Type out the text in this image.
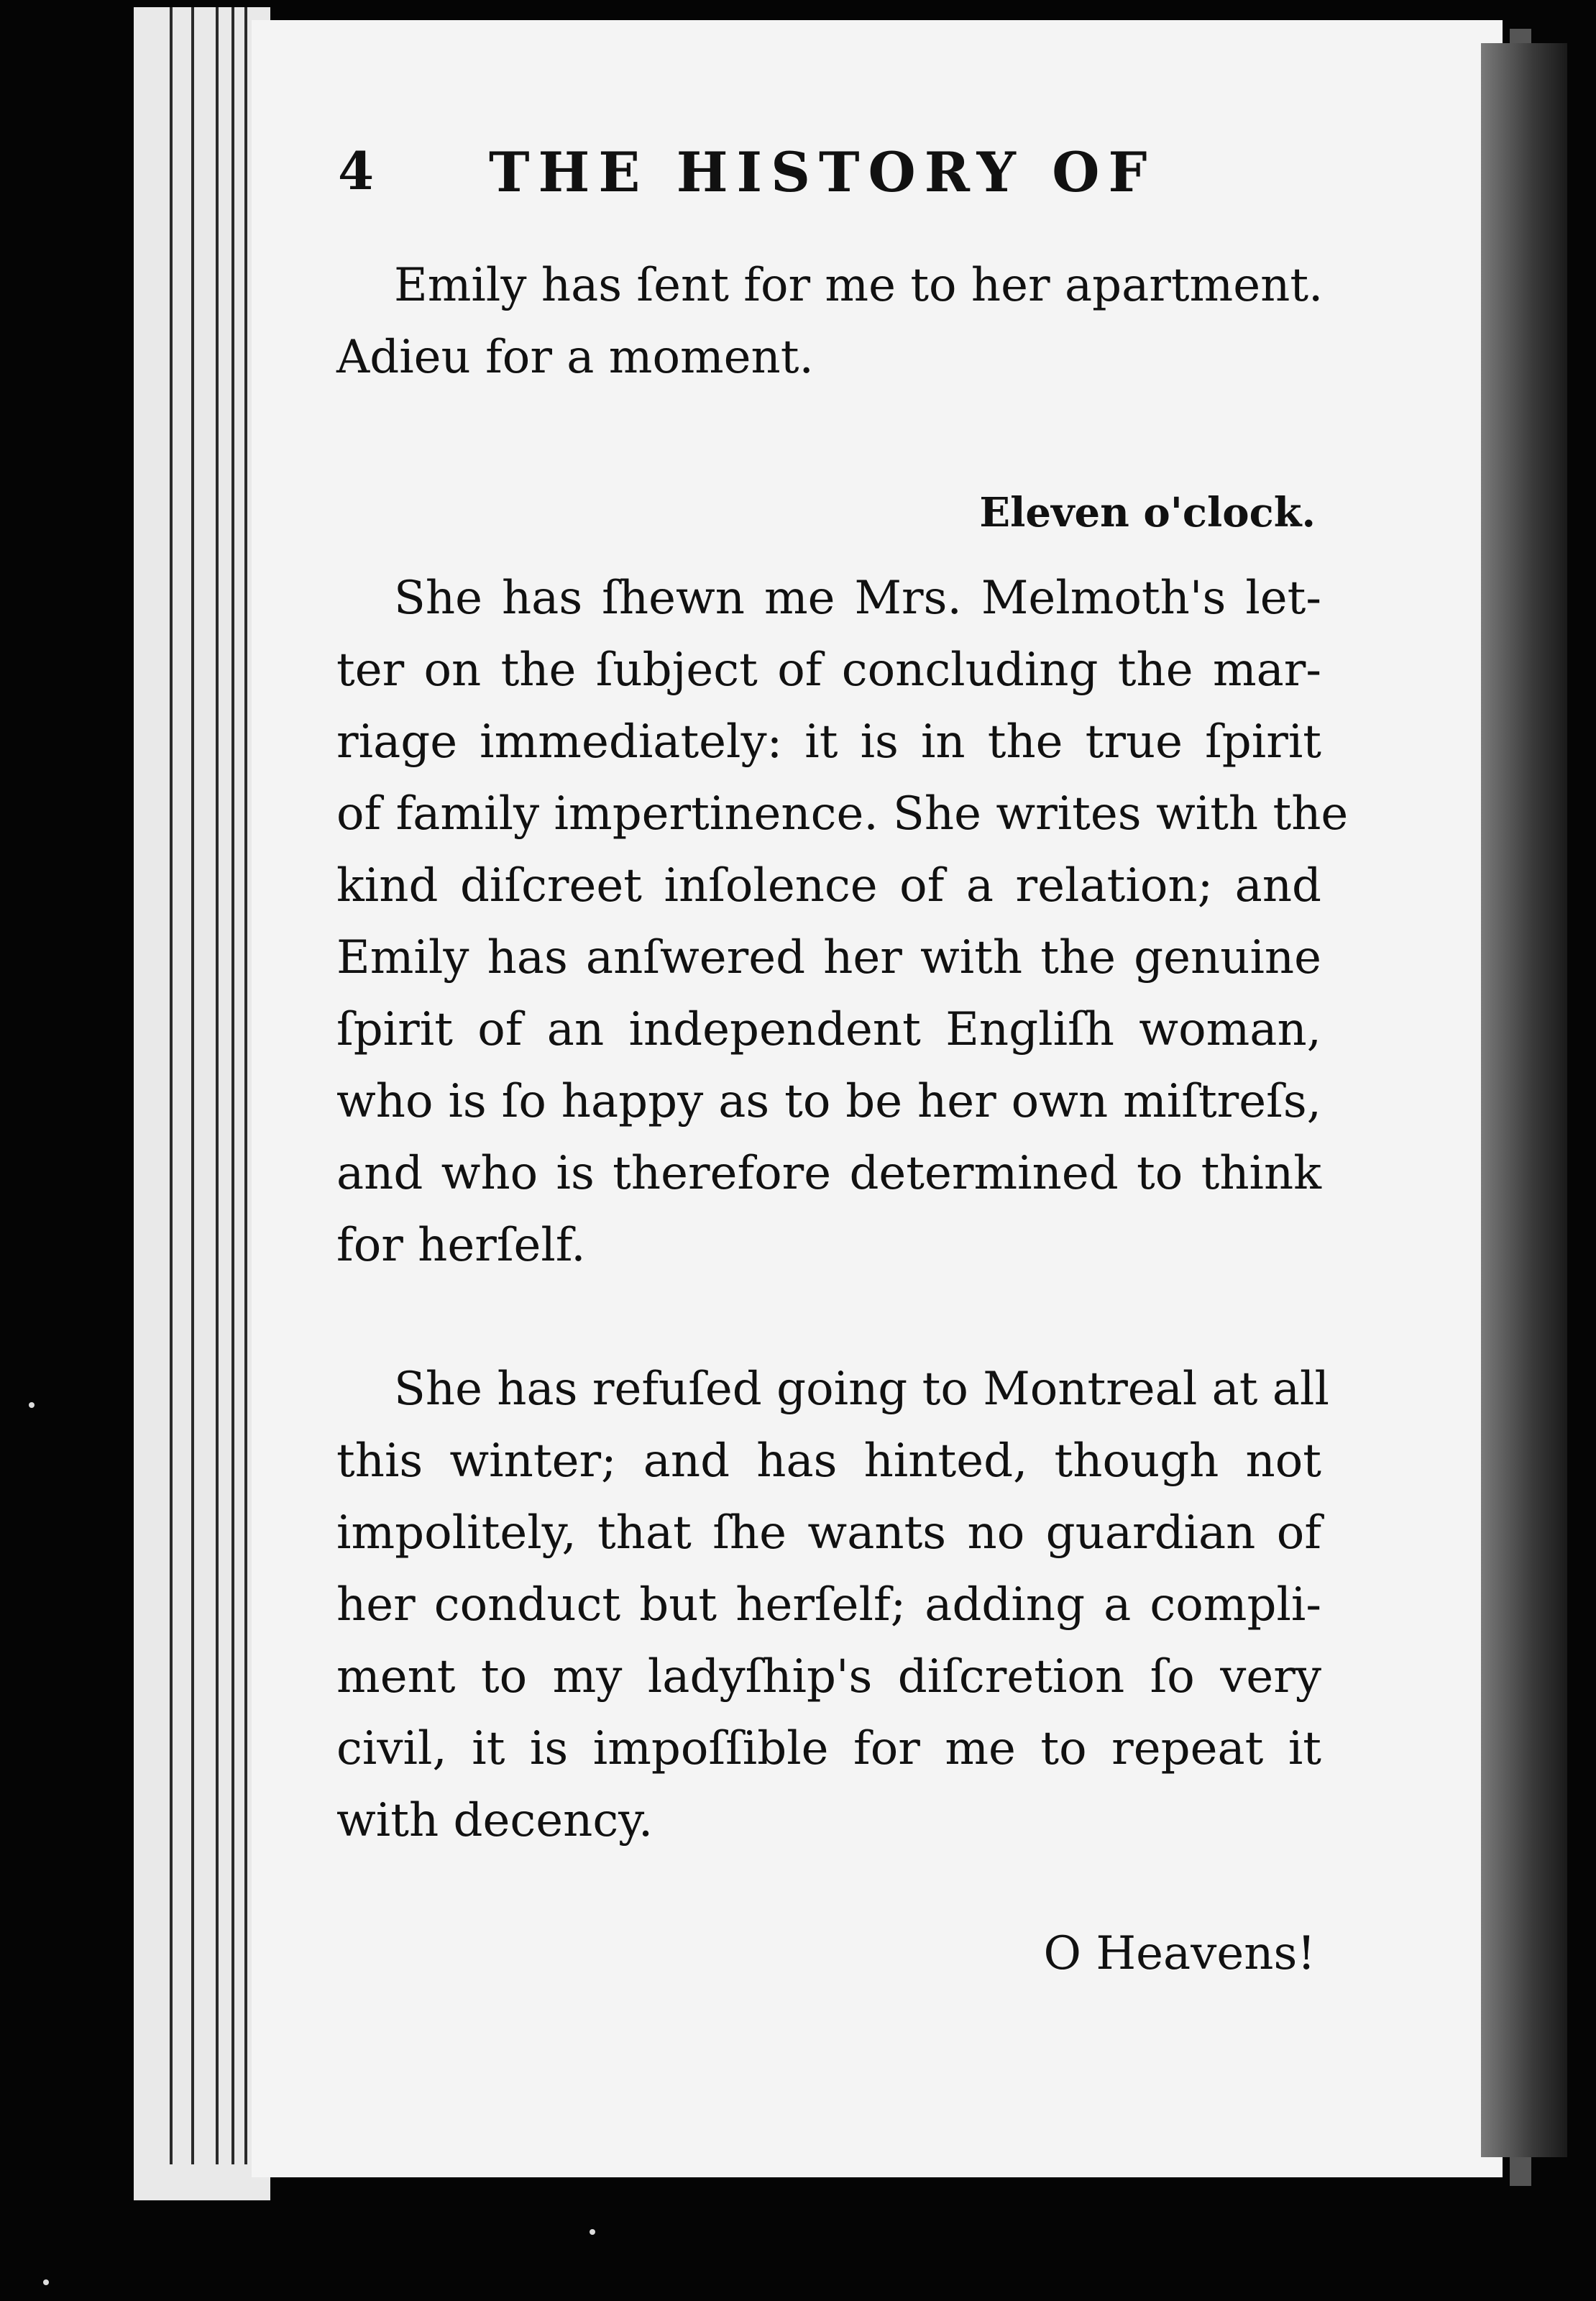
4 THE HISTORY OF
Emily has ſent for me to her apartment.
Adieu for a moment.
Eleven o'clock.
She has ſhewn me Mrs. Melmoth's let-
ter on the ſubject of concluding the mar-
riage immediately: it is in the true ſpirit
of family impertinence. She writes with the
kind diſcreet inſolence of a relation; and
Emily has anſwered her with the genuine
ſpirit of an independent Engliſh woman,
who is ſo happy as to be her own miſtreſs,
and who is therefore determined to think
for herſelf.
She has refuſed going to Montreal at all
this winter; and has hinted, though not
impolitely, that ſhe wants no guardian of
her conduct but herſelf; adding a compli-
ment to my ladyſhip's diſcretion ſo very
civil, it is impoſſible for me to repeat it
with decency.
O Heavens!
